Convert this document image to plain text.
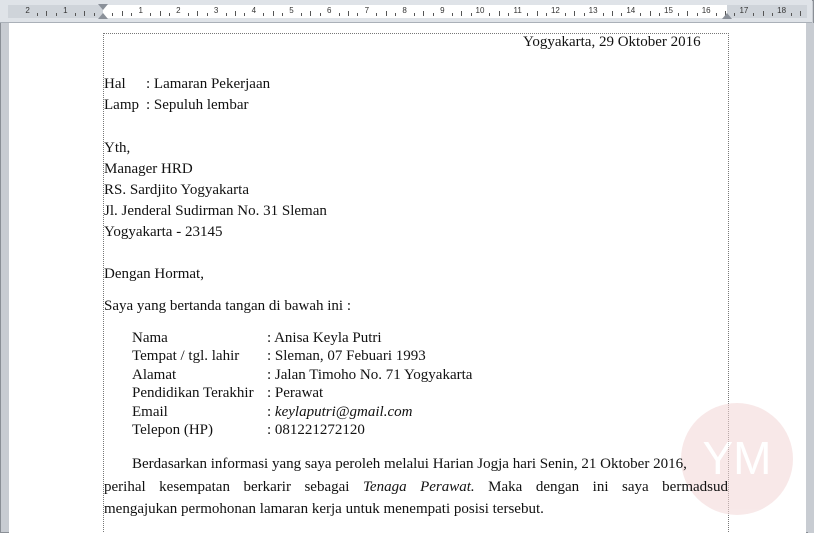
2	1	1	2	3	4	5	6	7	8	9	10	11	12	13	14	15	16	17	18
YM
Yogyakarta, 29 Oktober 2016
Hal : Lamaran Pekerjaan
Lamp : Sepuluh lembar
Yth,
Manager HRD
RS. Sardjito Yogyakarta
Jl. Jenderal Sudirman No. 31 Sleman
Yogyakarta - 23145
Dengan Hormat,
Saya yang bertanda tangan di bawah ini :
Nama	: Anisa Keyla Putri
Tempat / tgl. lahir : Sleman, 07 Febuari 1993
Alamat	: Jalan Timoho No. 71 Yogyakarta
Pendidikan Terakhir : Perawat
Email	: keylaputri@gmail.com
Telepon (HP)	: 081221272120
Berdasarkan informasi yang saya peroleh melalui Harian Jogja hari Senin, 21 Oktober 2016,
perihal kesempatan berkarir sebagai Tenaga Perawat. Maka dengan ini saya bermadsud
mengajukan permohonan lamaran kerja untuk menempati posisi tersebut.
